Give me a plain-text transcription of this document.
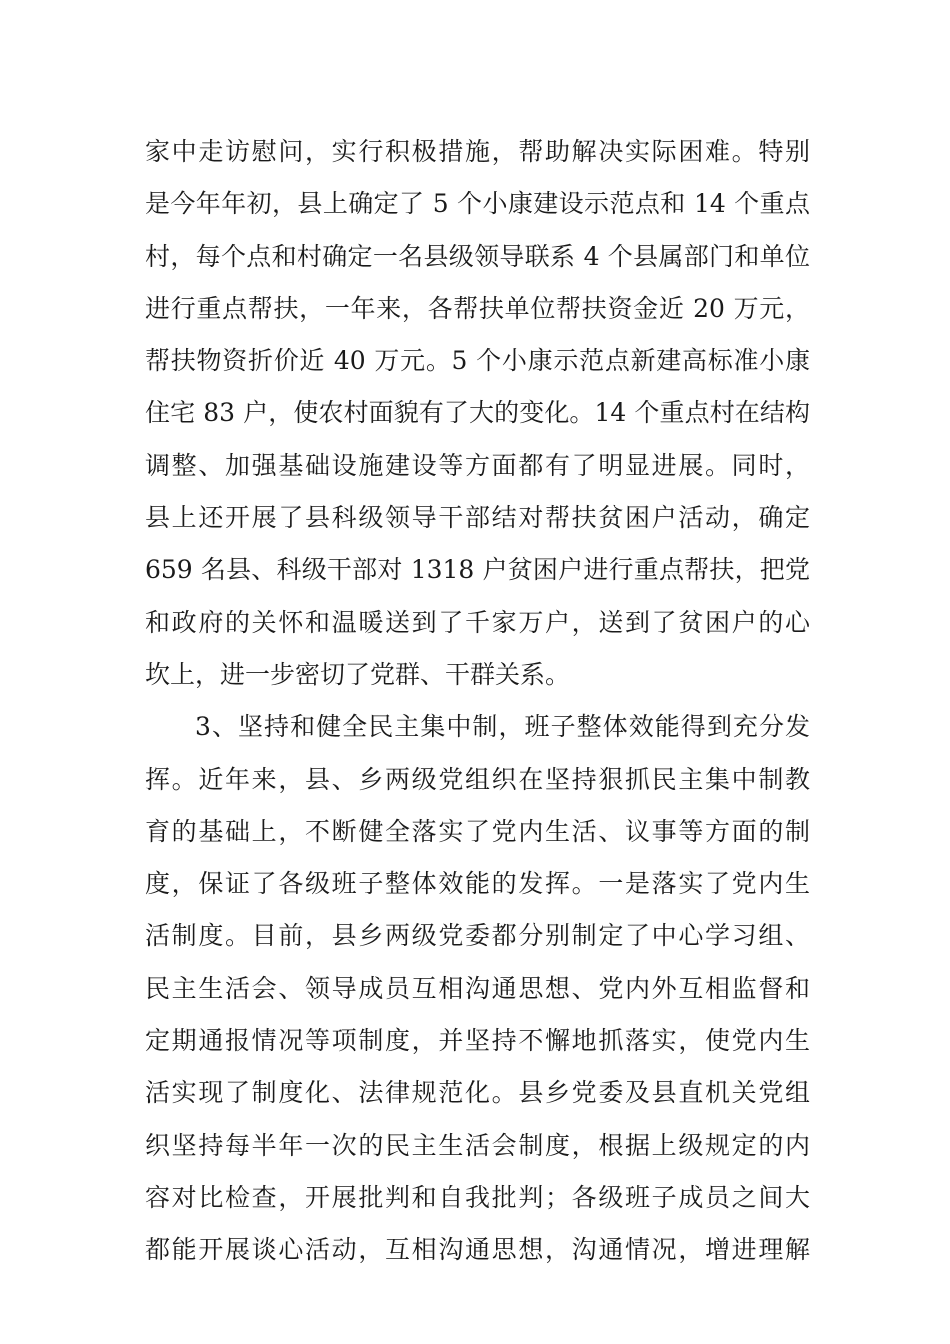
家中走访慰问，实行积极措施，帮助解决实际困难。特别
是今年年初，县上确定了 5 个小康建设示范点和 14 个重点
村，每个点和村确定一名县级领导联系 4 个县属部门和单位
进行重点帮扶，一年来，各帮扶单位帮扶资金近 20 万元，
帮扶物资折价近 40 万元。5 个小康示范点新建高标准小康
住宅 83 户，使农村面貌有了大的变化。14 个重点村在结构
调整、加强基础设施建设等方面都有了明显进展。同时，
县上还开展了县科级领导干部结对帮扶贫困户活动，确定
659 名县、科级干部对 1318 户贫困户进行重点帮扶，把党
和政府的关怀和温暖送到了千家万户，送到了贫困户的心
坎上，进一步密切了党群、干群关系。
3、坚持和健全民主集中制，班子整体效能得到充分发
挥。近年来，县、乡两级党组织在坚持狠抓民主集中制教
育的基础上，不断健全落实了党内生活、议事等方面的制
度，保证了各级班子整体效能的发挥。一是落实了党内生
活制度。目前，县乡两级党委都分别制定了中心学习组、
民主生活会、领导成员互相沟通思想、党内外互相监督和
定期通报情况等项制度，并坚持不懈地抓落实，使党内生
活实现了制度化、法律规范化。县乡党委及县直机关党组
织坚持每半年一次的民主生活会制度，根据上级规定的内
容对比检查，开展批判和自我批判；各级班子成员之间大
都能开展谈心活动，互相沟通思想，沟通情况，增进理解
